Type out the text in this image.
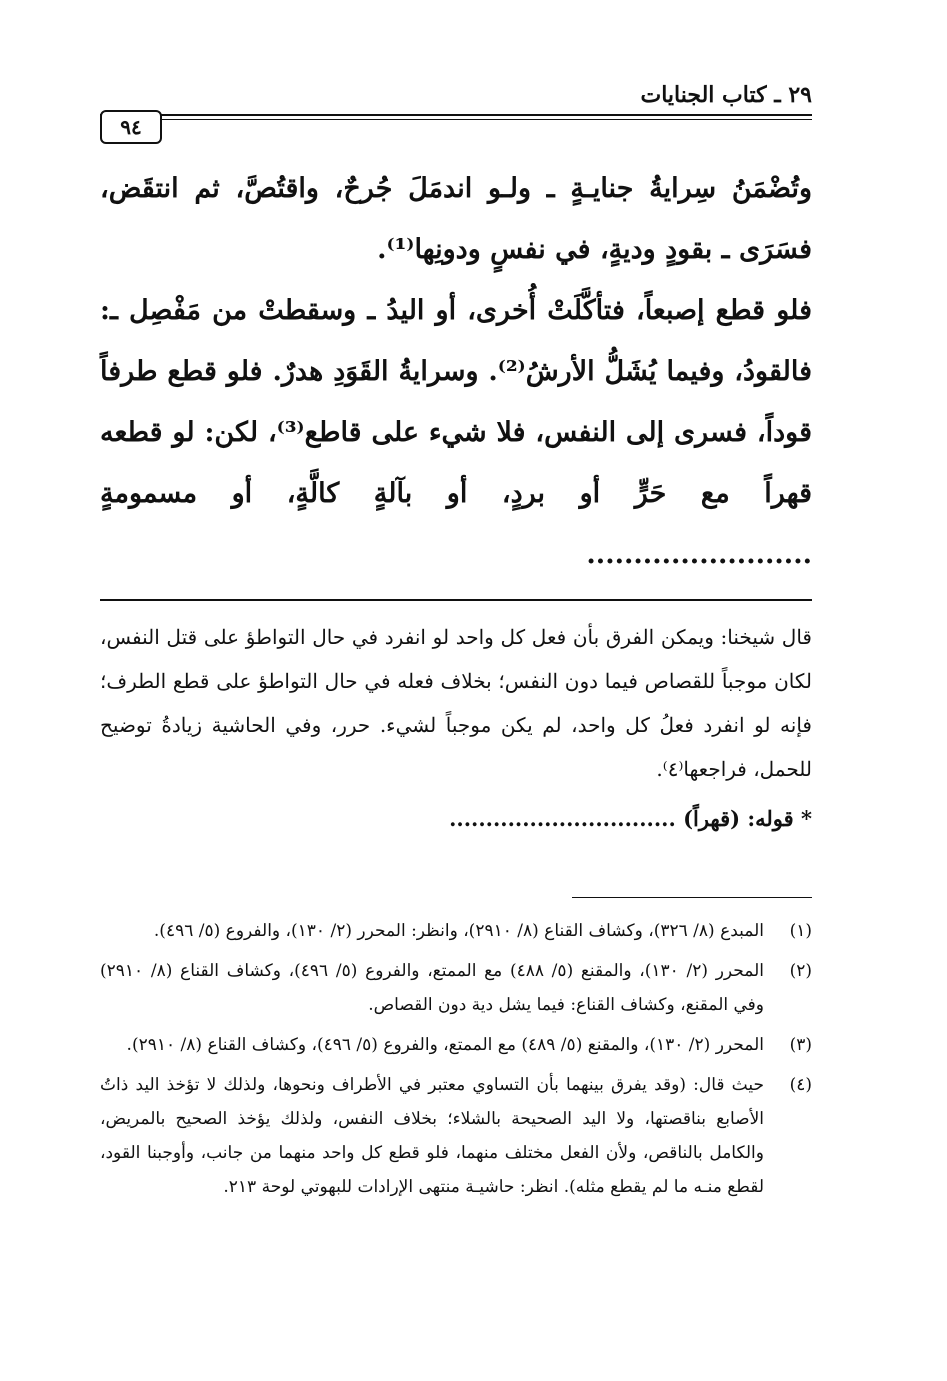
٢٩ ـ كتاب الجنايات
٩٤

وتُضْمَنُ سِرايةُ جنايـةٍ ـ ولـو اندمَلَ جُرحٌ، واقتُصَّ، ثم انتقَض، فسَرَى ـ بقودٍ وديةٍ، في نفسٍ ودونِها⁽¹⁾.

فلو قطع إصبعاً، فتأكَّلَتْ أُخرى، أو اليدُ ـ وسقطتْ من مَفْصِل ـ: فالقودُ، وفيما يُشَلُّ الأرشُ⁽²⁾. وسرايةُ القَوَدِ هدرٌ. فلو قطع طرفاً قوداً، فسرى إلى النفس، فلا شيء على قاطع⁽³⁾، لكن: لو قطعه قهراً مع حَرٍّ أو بردٍ، أو بآلةٍ كالَّةٍ، أو مسمومةٍ ........................

قال شيخنا: ويمكن الفرق بأن فعل كل واحد لو انفرد في حال التواطؤ على قتل النفس، لكان موجباً للقصاص فيما دون النفس؛ بخلاف فعله في حال التواطؤ على قطع الطرف؛ فإنه لو انفرد فعلُ كل واحد، لم يكن موجباً لشيء. حرر، وفي الحاشية زيادةُ توضيح للحمل، فراجعها⁽٤⁾.

* قوله: (قهراً) ...............................
(١)
المبدع (٨/ ٣٢٦)، وكشاف القناع (٨/ ٢٩١٠)، وانظر: المحرر (٢/ ١٣٠)، والفروع (٥/ ٤٩٦).
(٢)
المحرر (٢/ ١٣٠)، والمقنع (٥/ ٤٨٨) مع الممتع، والفروع (٥/ ٤٩٦)، وكشاف القناع (٨/ ٢٩١٠) وفي المقنع، وكشاف القناع: فيما يشل دية دون القصاص.
(٣)
المحرر (٢/ ١٣٠)، والمقنع (٥/ ٤٨٩) مع الممتع، والفروع (٥/ ٤٩٦)، وكشاف القناع (٨/ ٢٩١٠).
(٤)
حيث قال: (وقد يفرق بينهما بأن التساوي معتبر في الأطراف ونحوها، ولذلك لا تؤخذ اليد ذاتُ الأصابع بناقصتها، ولا اليد الصحيحة بالشلاء؛ بخلاف النفس، ولذلك يؤخذ الصحيح بالمريض، والكامل بالناقص، ولأن الفعل مختلف منهما، فلو قطع كل واحد منهما من جانب، وأوجبنا القود، لقطع منـه ما لم يقطع مثله). انظر: حاشيـة منتهى الإرادات للبهوتي لوحة ٢١٣.
